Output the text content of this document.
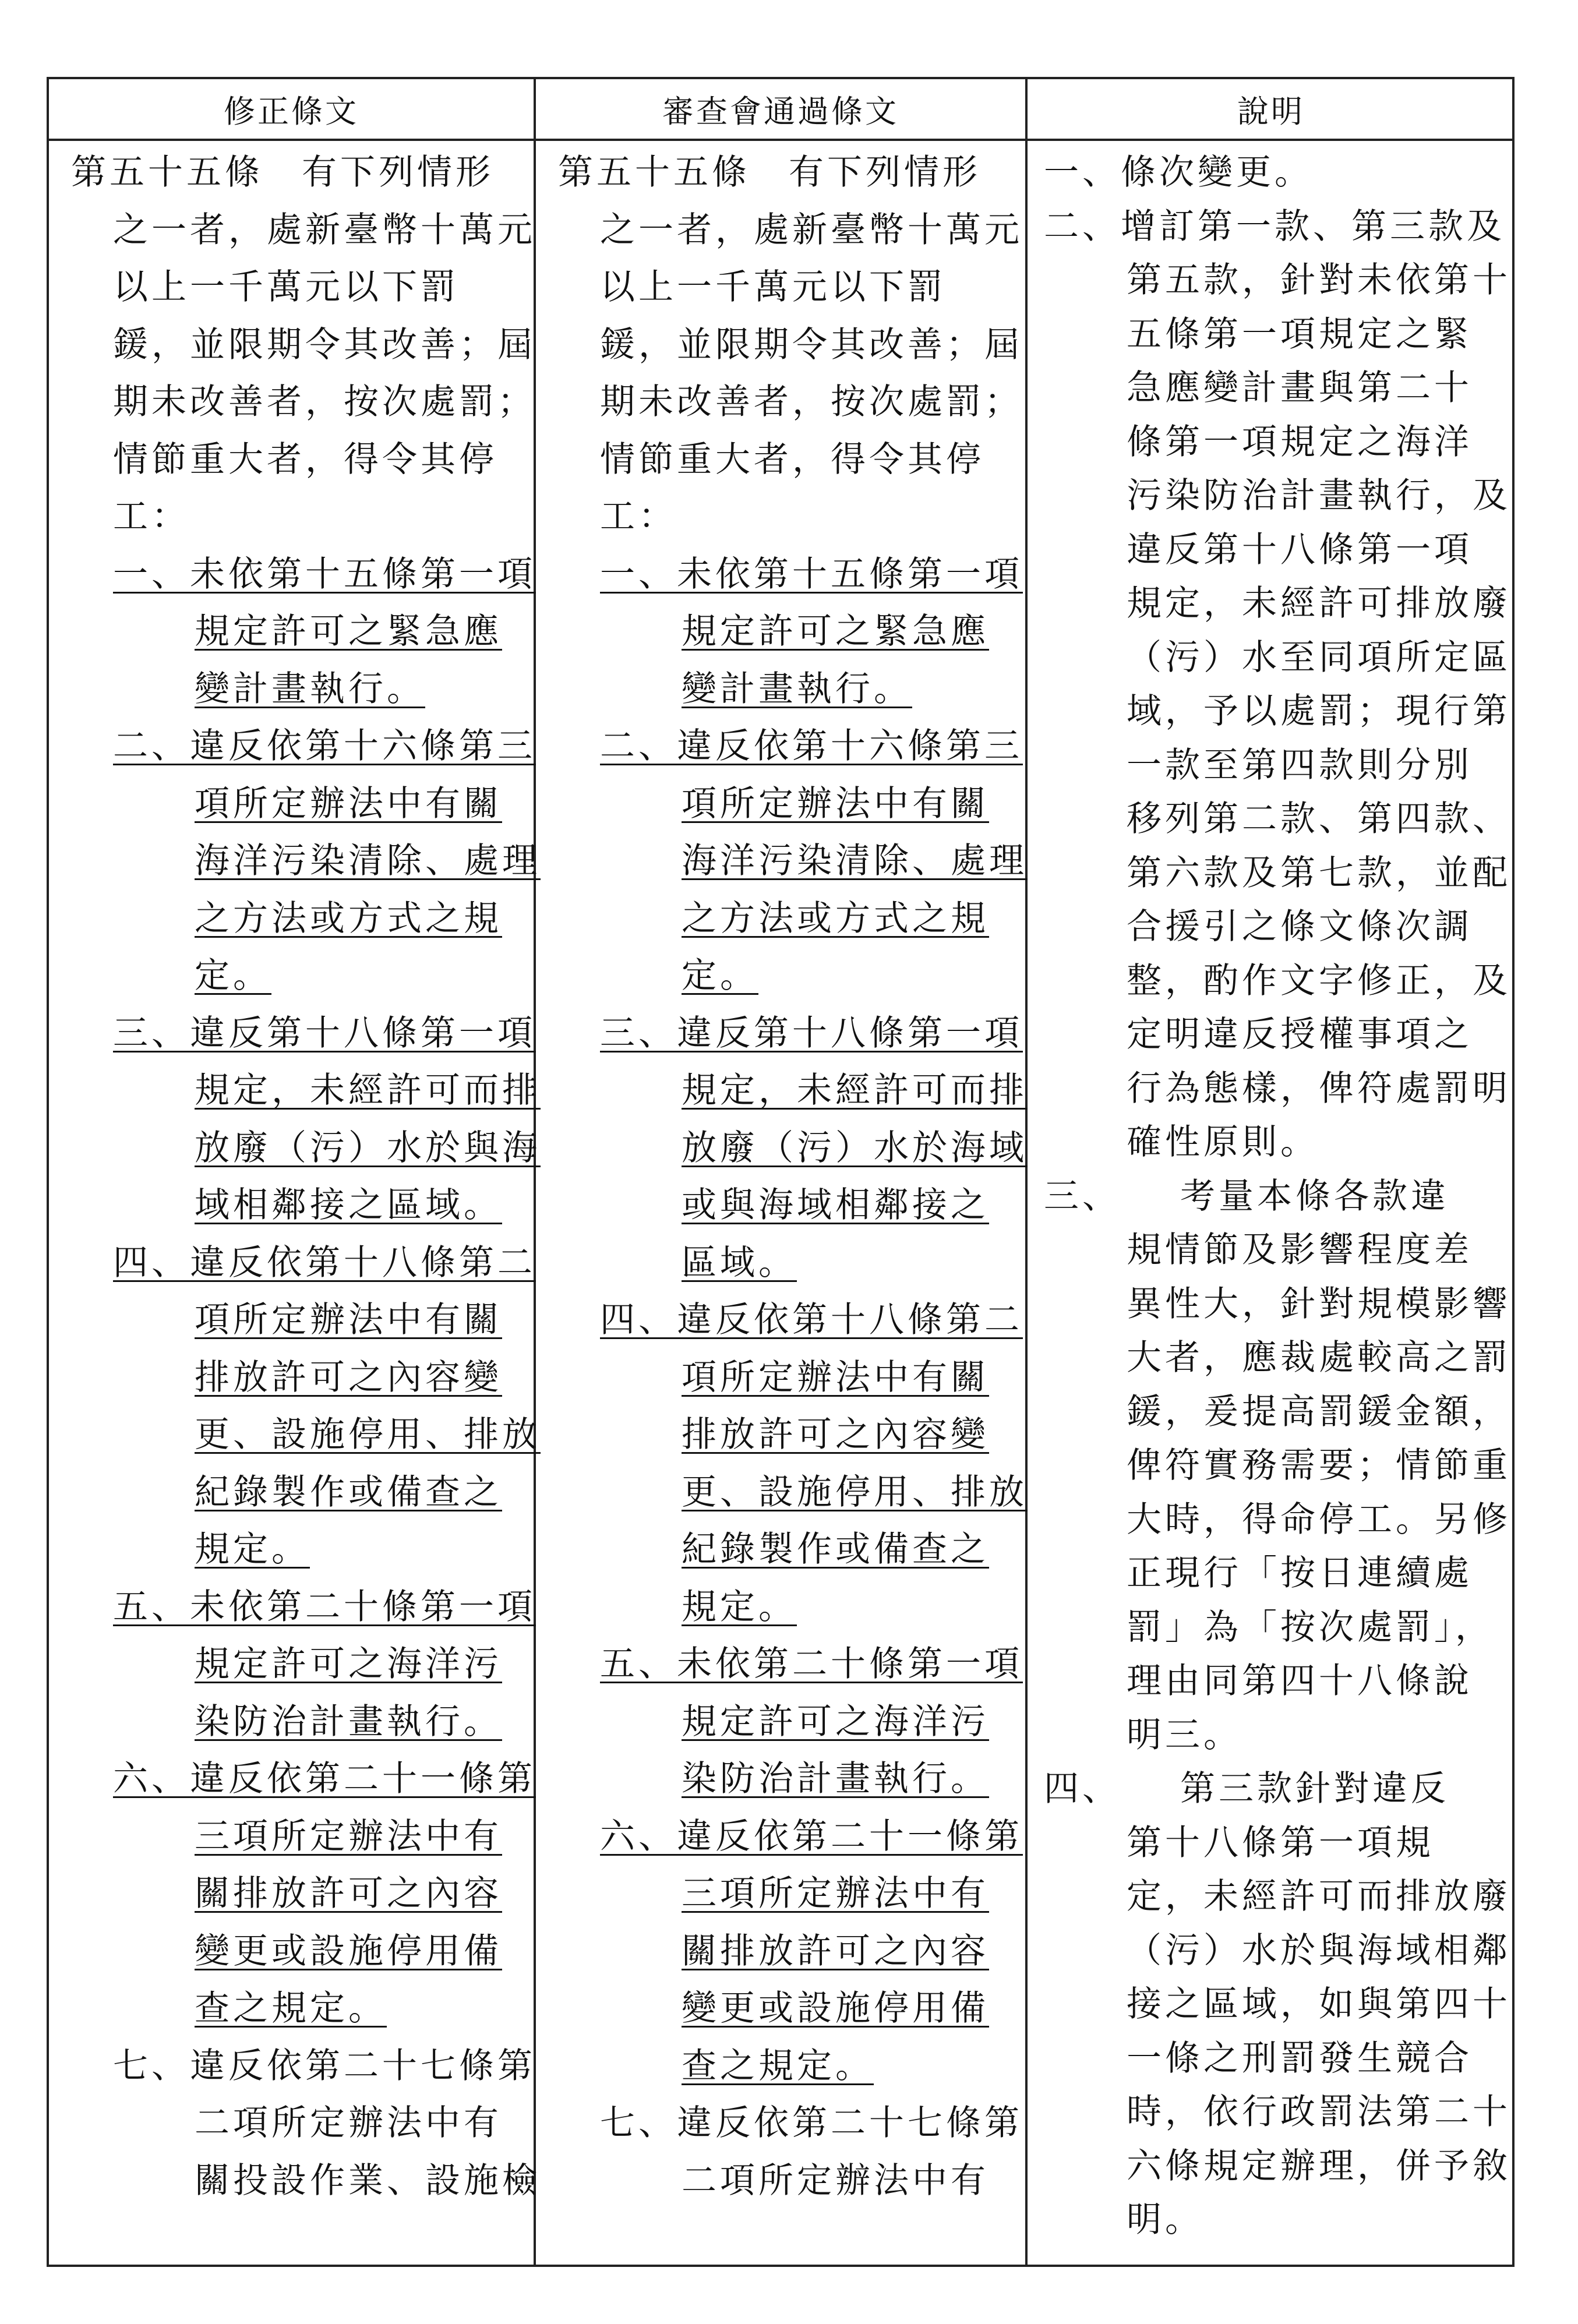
修正條文	審查會通過條文	說明
第五十五條　有下列情形
之一者，處新臺幣十萬元
以上一千萬元以下罰
鍰，並限期令其改善；屆
期未改善者，按次處罰；
情節重大者，得令其停
工：
一、未依第十五條第一項
規定許可之緊急應
變計畫執行。
二、違反依第十六條第三
項所定辦法中有關
海洋污染清除、處理
之方法或方式之規
定。
三、違反第十八條第一項
規定，未經許可而排
放廢（污）水於與海
域相鄰接之區域。
四、違反依第十八條第二
項所定辦法中有關
排放許可之內容變
更、設施停用、排放
紀錄製作或備查之
規定。
五、未依第二十條第一項
規定許可之海洋污
染防治計畫執行。
六、違反依第二十一條第
三項所定辦法中有
關排放許可之內容
變更或設施停用備
查之規定。
七、違反依第二十七條第
二項所定辦法中有
關投設作業、設施檢
第五十五條　有下列情形
之一者，處新臺幣十萬元
以上一千萬元以下罰
鍰，並限期令其改善；屆
期未改善者，按次處罰；
情節重大者，得令其停
工：
一、未依第十五條第一項
規定許可之緊急應
變計畫執行。
二、違反依第十六條第三
項所定辦法中有關
海洋污染清除、處理
之方法或方式之規
定。
三、違反第十八條第一項
規定，未經許可而排
放廢（污）水於海域
或與海域相鄰接之
區域。
四、違反依第十八條第二
項所定辦法中有關
排放許可之內容變
更、設施停用、排放
紀錄製作或備查之
規定。
五、未依第二十條第一項
規定許可之海洋污
染防治計畫執行。
六、違反依第二十一條第
三項所定辦法中有
關排放許可之內容
變更或設施停用備
查之規定。
七、違反依第二十七條第
二項所定辦法中有
一、條次變更。
二、增訂第一款、第三款及
第五款，針對未依第十
五條第一項規定之緊
急應變計畫與第二十
條第一項規定之海洋
污染防治計畫執行，及
違反第十八條第一項
規定，未經許可排放廢
（污）水至同項所定區
域，予以處罰；現行第
一款至第四款則分別
移列第二款、第四款、
第六款及第七款，並配
合援引之條文條次調
整，酌作文字修正，及
定明違反授權事項之
行為態樣，俾符處罰明
確性原則。
三、　　考量本條各款違
規情節及影響程度差
異性大，針對規模影響
大者，應裁處較高之罰
鍰，爰提高罰鍰金額，
俾符實務需要；情節重
大時，得命停工。另修
正現行「按日連續處
罰」為「按次處罰」，
理由同第四十八條說
明三。
四、　　第三款針對違反
第十八條第一項規
定，未經許可而排放廢
（污）水於與海域相鄰
接之區域，如與第四十
一條之刑罰發生競合
時，依行政罰法第二十
六條規定辦理，併予敘
明。
